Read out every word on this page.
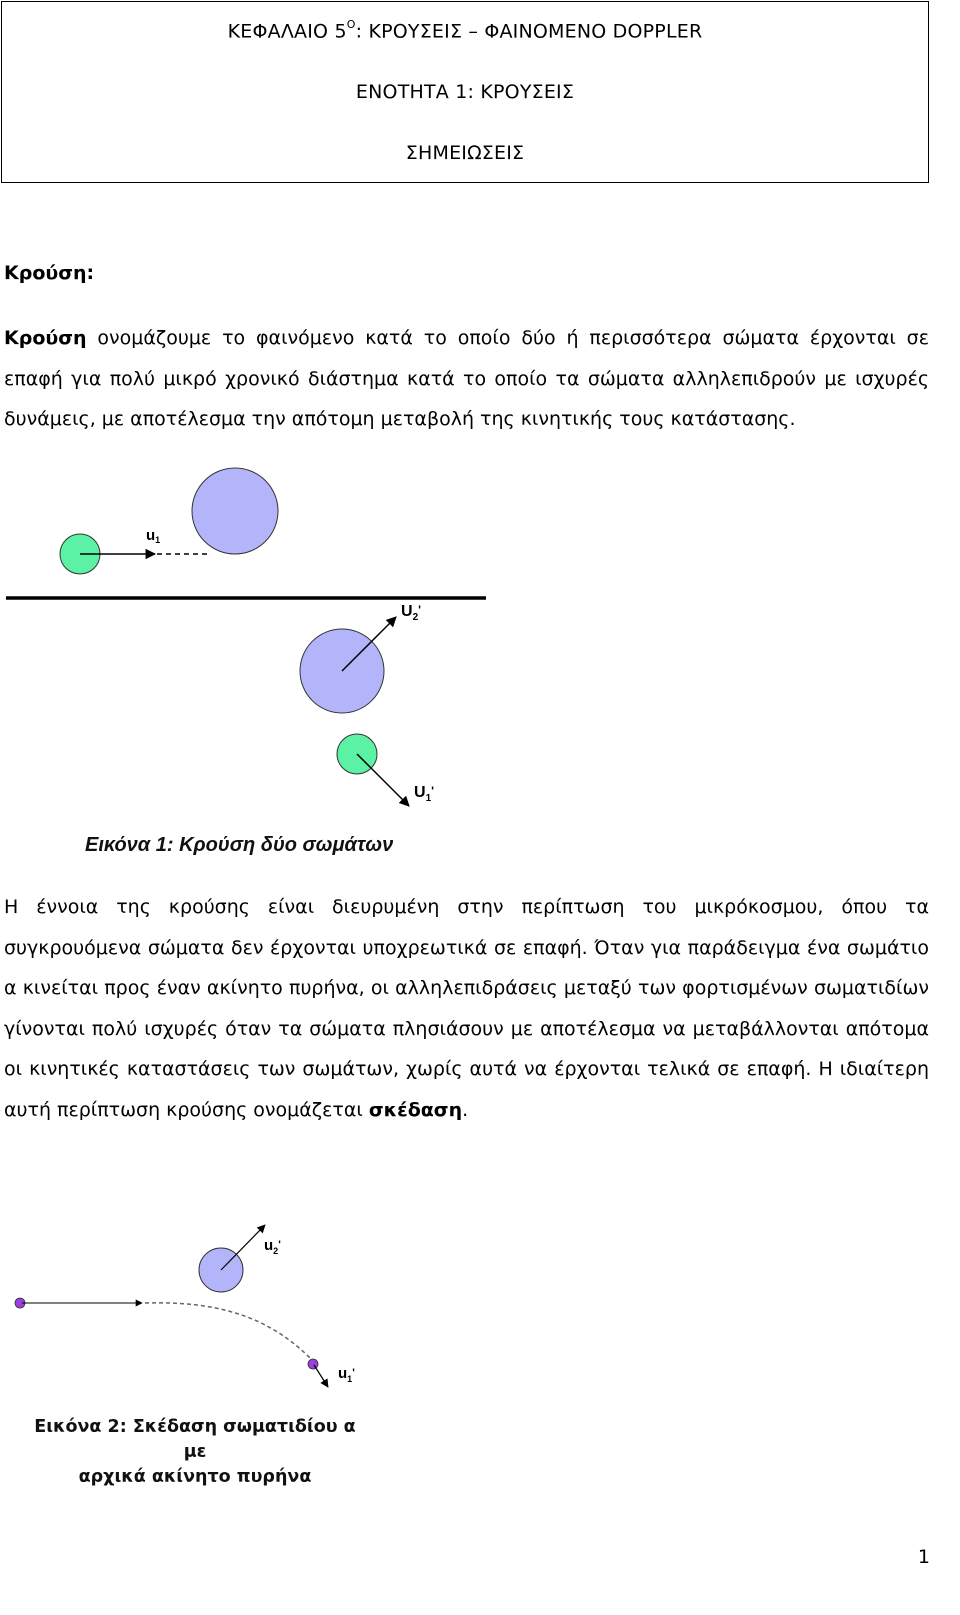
ΚΕΦΑΛΑΙΟ $5^O$: ΚΡΟΥΣΕΙΣ – ΦΑΙΝΟΜΕΝΟ DOPPLER
ΕΝΟΤΗΤΑ 1: ΚΡΟΥΣΕΙΣ
ΣΗΜΕΙΩΣΕΙΣ
Κρούση:
Κρούση ονομάζουμε το φαινόμενο κατά το οποίο δύο ή περισσότερα σώματα έρχονται σε επαφή για πολύ μικρό χρονικό διάστημα κατά το οποίο τα σώματα αλληλεπιδρούν με ισχυρές δυνάμεις, με αποτέλεσμα την απότομη μεταβολή της κινητικής τους κατάστασης.
$u_1$
$U_2'$
$U_1'$
Εικόνα 1: Κρούση δύο σωμάτων
Η έννοια της κρούσης είναι διευρυμένη στην περίπτωση του μικρόκοσμου, όπου τα συγκρουόμενα σώματα δεν έρχονται υποχρεωτικά σε επαφή. Όταν για παράδειγμα ένα σωμάτιο α κινείται προς έναν ακίνητο πυρήνα, οι αλληλεπιδράσεις μεταξύ των φορτισμένων σωματιδίων γίνονται πολύ ισχυρές όταν τα σώματα πλησιάσουν με αποτέλεσμα να μεταβάλλονται απότομα οι κινητικές καταστάσεις των σωμάτων, χωρίς αυτά να έρχονται τελικά σε επαφή. Η ιδιαίτερη αυτή περίπτωση κρούσης ονομάζεται σκέδαση.
$u_2'$
$u_1'$
Εικόνα 2: Σκέδαση σωματιδίου α με
αρχικά ακίνητο πυρήνα
1
